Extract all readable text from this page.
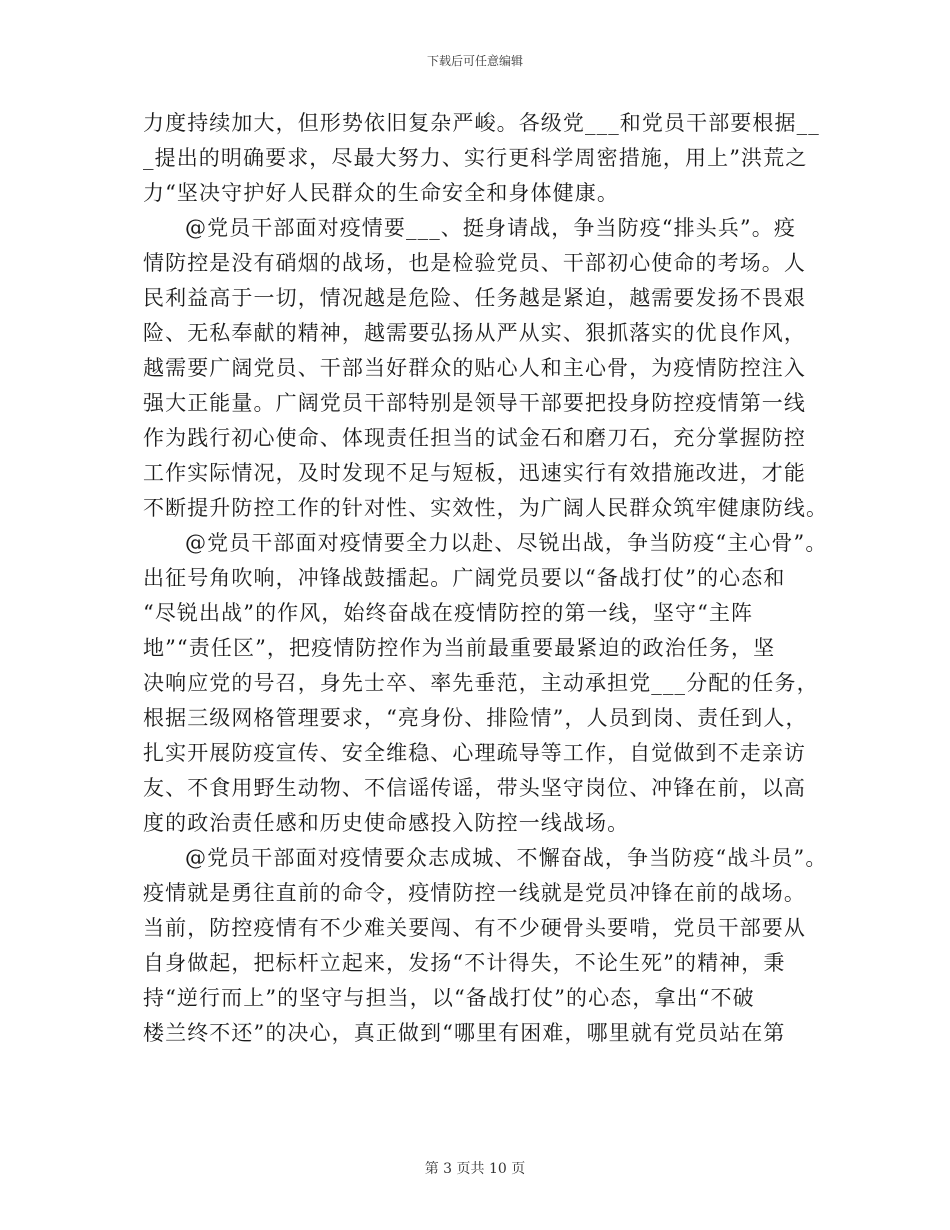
下载后可任意编辑
力度持续加大，但形势依旧复杂严峻。各级党___和党员干部要根据__
_提出的明确要求，尽最大努力、实行更科学周密措施，用上”洪荒之
力“坚决守护好人民群众的生命安全和身体健康。
@党员干部面对疫情要___、挺身请战，争当防疫“排头兵”。疫
情防控是没有硝烟的战场，也是检验党员、干部初心使命的考场。人
民利益高于一切，情况越是危险、任务越是紧迫，越需要发扬不畏艰
险、无私奉献的精神，越需要弘扬从严从实、狠抓落实的优良作风，
越需要广阔党员、干部当好群众的贴心人和主心骨，为疫情防控注入
强大正能量。广阔党员干部特别是领导干部要把投身防控疫情第一线
作为践行初心使命、体现责任担当的试金石和磨刀石，充分掌握防控
工作实际情况，及时发现不足与短板，迅速实行有效措施改进，才能
不断提升防控工作的针对性、实效性，为广阔人民群众筑牢健康防线。
@党员干部面对疫情要全力以赴、尽锐出战，争当防疫“主心骨”。
出征号角吹响，冲锋战鼓擂起。广阔党员要以“备战打仗”的心态和
“尽锐出战”的作风，始终奋战在疫情防控的第一线，坚守“主阵
地”“责任区”，把疫情防控作为当前最重要最紧迫的政治任务，坚
决响应党的号召，身先士卒、率先垂范，主动承担党___分配的任务，
根据三级网格管理要求，“亮身份、排险情”，人员到岗、责任到人，
扎实开展防疫宣传、安全维稳、心理疏导等工作，自觉做到不走亲访
友、不食用野生动物、不信谣传谣，带头坚守岗位、冲锋在前，以高
度的政治责任感和历史使命感投入防控一线战场。
@党员干部面对疫情要众志成城、不懈奋战，争当防疫“战斗员”。
疫情就是勇往直前的命令，疫情防控一线就是党员冲锋在前的战场。
当前，防控疫情有不少难关要闯、有不少硬骨头要啃，党员干部要从
自身做起，把标杆立起来，发扬“不计得失，不论生死”的精神，秉
持“逆行而上”的坚守与担当，以“备战打仗”的心态，拿出“不破
楼兰终不还”的决心，真正做到“哪里有困难，哪里就有党员站在第
第 3 页共 10 页
